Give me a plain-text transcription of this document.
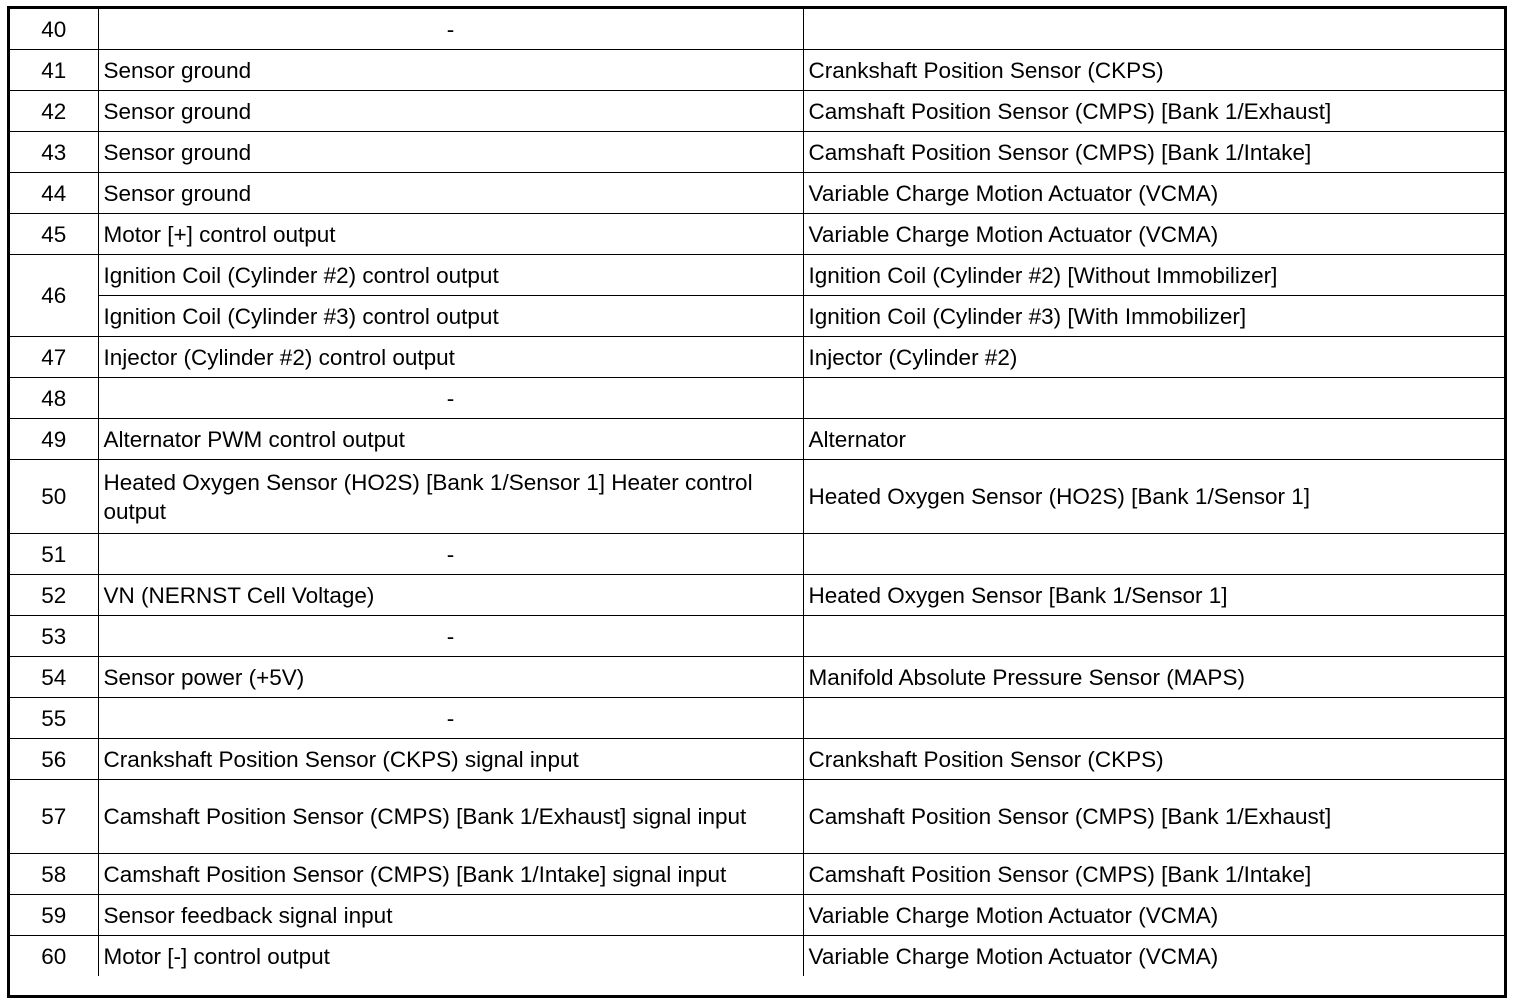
40	-	
41	Sensor ground	Crankshaft Position Sensor (CKPS)
42	Sensor ground	Camshaft Position Sensor (CMPS) [Bank 1/Exhaust]
43	Sensor ground	Camshaft Position Sensor (CMPS) [Bank 1/Intake]
44	Sensor ground	Variable Charge Motion Actuator (VCMA)
45	Motor [+] control output	Variable Charge Motion Actuator (VCMA)
46	Ignition Coil (Cylinder #2) control output	Ignition Coil (Cylinder #2) [Without Immobilizer]
	Ignition Coil (Cylinder #3) control output	Ignition Coil (Cylinder #3) [With Immobilizer]
47	Injector (Cylinder #2) control output	Injector (Cylinder #2)
48	-	
49	Alternator PWM control output	Alternator
50	Heated Oxygen Sensor (HO2S) [Bank 1/Sensor 1] Heater control output	Heated Oxygen Sensor (HO2S) [Bank 1/Sensor 1]
51	-	
52	VN (NERNST Cell Voltage)	Heated Oxygen Sensor [Bank 1/Sensor 1]
53	-	
54	Sensor power (+5V)	Manifold Absolute Pressure Sensor (MAPS)
55	-	
56	Crankshaft Position Sensor (CKPS) signal input	Crankshaft Position Sensor (CKPS)
57	Camshaft Position Sensor (CMPS) [Bank 1/Exhaust] signal input	Camshaft Position Sensor (CMPS) [Bank 1/Exhaust]
58	Camshaft Position Sensor (CMPS) [Bank 1/Intake] signal input	Camshaft Position Sensor (CMPS) [Bank 1/Intake]
59	Sensor feedback signal input	Variable Charge Motion Actuator (VCMA)
60	Motor [-] control output	Variable Charge Motion Actuator (VCMA)
